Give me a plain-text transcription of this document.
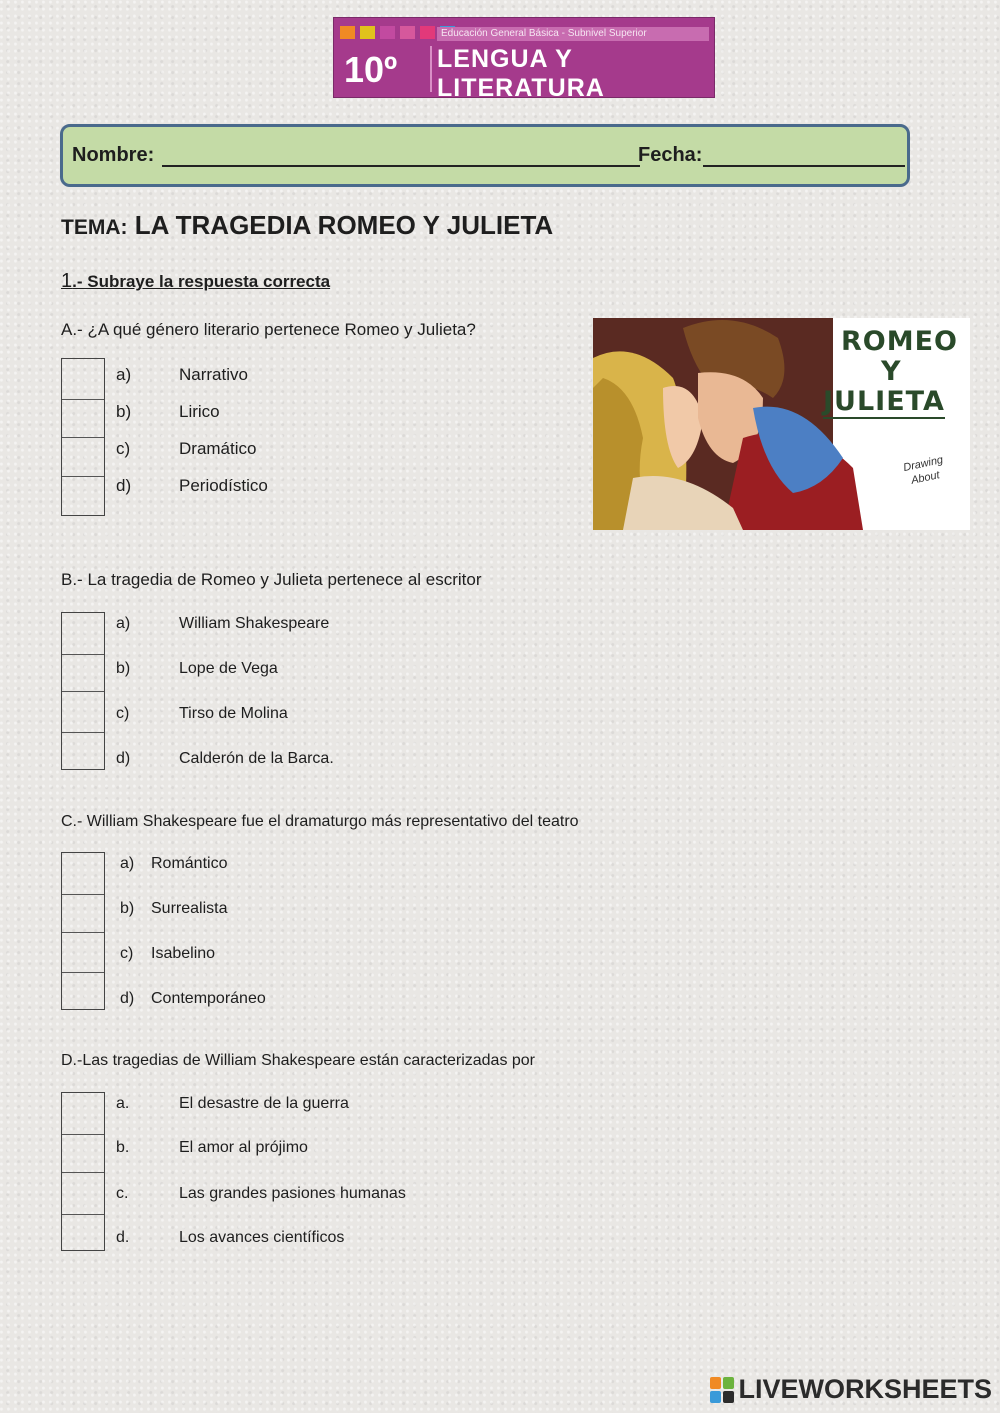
Educación General Básica - Subnivel Superior
10º LENGUA Y
LITERATURA
Nombre:	Fecha:
TEMA: LA TRAGEDIA ROMEO Y JULIETA
1.- Subraye la respuesta correcta
A.- ¿A qué género literario pertenece Romeo y Julieta?
a)	Narrativo
b)	Lirico
c)	Dramático
d)	Periodístico
ROMEO
Y
JULIETA
Drawing
About
B.- La tragedia de Romeo y Julieta pertenece al escritor
a)	William Shakespeare
b)	Lope de Vega
c)	Tirso de Molina
d)	Calderón de la Barca.
C.- William Shakespeare fue el dramaturgo más representativo del teatro
a) Romántico
b) Surrealista
c) Isabelino
d) Contemporáneo
D.-Las tragedias de William Shakespeare están caracterizadas por
a.	El desastre de la guerra
b.	El amor al prójimo
c.	Las grandes pasiones humanas
d.	Los avances científicos
LIVEWORKSHEETS
